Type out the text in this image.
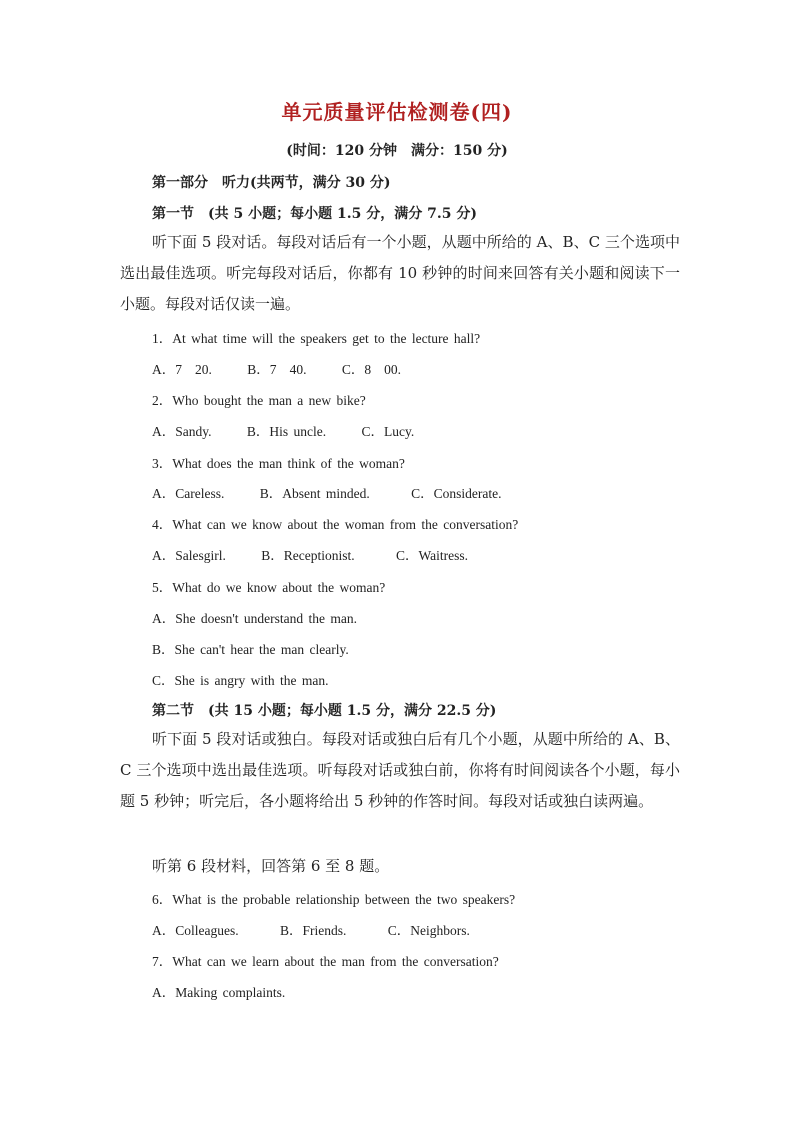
单元质量评估检测卷(四)
(时间：120 分钟　满分：150 分)
第一部分　听力(共两节，满分 30 分)
第一节　(共 5 小题；每小题 1.5 分，满分 7.5 分)
听下面 5 段对话。每段对话后有一个小题，从题中所给的 A、B、C 三个选项中选出最佳选项。听完每段对话后，你都有 10 秒钟的时间来回答有关小题和阅读下一小题。每段对话仅读一遍。
1．At what time will the speakers get to the lecture hall?
A．7ﾠ20.	B．7ﾠ40.	C．8ﾠ00.
2．Who bought the man a new bike?
A．Sandy.	B．His uncle.	C．Lucy.
3．What does the man think of the woman?
A．Careless.	B．Absent minded.	C．Considerate.
4．What can we know about the woman from the conversation?
A．Salesgirl.	B．Receptionist.	C．Waitress.
5．What do we know about the woman?
A．She doesn't understand the man.
B．She can't hear the man clearly.
C．She is angry with the man.
第二节　(共 15 小题；每小题 1.5 分，满分 22.5 分)
听下面 5 段对话或独白。每段对话或独白后有几个小题，从题中所给的 A、B、C 三个选项中选出最佳选项。听每段对话或独白前，你将有时间阅读各个小题，每小题 5 秒钟；听完后，各小题将给出 5 秒钟的作答时间。每段对话或独白读两遍。
听第 6 段材料，回答第 6 至 8 题。
6．What is the probable relationship between the two speakers?
A．Colleagues.	B．Friends.	C．Neighbors.
7．What can we learn about the man from the conversation?
A．Making complaints.
